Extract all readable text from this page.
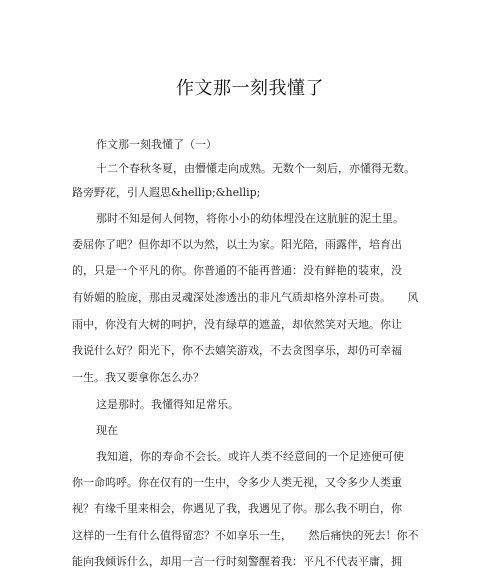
作文那一刻我懂了
作文那一刻我懂了（一）
十二个春秋冬夏，由懵懂走向成熟。无数个一刻后，亦懂得无数。
路旁野花，引人遐思&hellip;&hellip;
那时不知是何人何物，将你小小的幼体埋没在这肮脏的泥土里。
委屈你了吧？但你却不以为然，以土为家。阳光陪，雨露伴，培育出
的，只是一个平凡的你。你普通的不能再普通：没有鲜艳的装束，没
有娇媚的脸庞，那由灵魂深处渗透出的非凡气质却格外淳朴可贵。　　风
雨中，你没有大树的呵护，没有绿草的遮盖，却依然笑对天地。你让
我说什么好？阳光下，你不去嬉笑游戏，不去贪图享乐，却仍可幸福
一生。我又要拿你怎么办？
这是那时。我懂得知足常乐。
现在
我知道，你的寿命不会长。或许人类不经意间的一个足迹便可使
你一命呜呼。你在仅有的一生中，令多少人类无视，又令多少人类重
视？有缘千里来相会，你遇见了我，我遇见了你。那么我不明白，你
这样的一生有什么值得留恋？不如享乐一生，　　然后痛快的死去！你不
能向我倾诉什么，却用一言一行时刻警醒着我：平凡不代表平庸，拥
